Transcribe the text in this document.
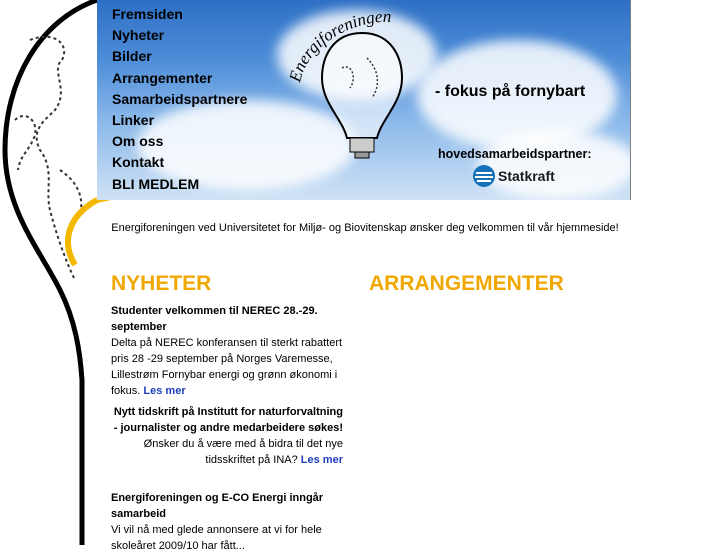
nergiforeningen
Fremsiden
Nyheter
Bilder
Arrangementer
Samarbeidspartnere
Linker
Om oss
Kontakt
BLI MEDLEM
- fokus på fornybart
hovedsamarbeidspartner:
Statkraft
Energiforeningen ved Universitetet for Miljø- og Biovitenskap ønsker deg velkommen til vår hjemmeside!
NYHETER	ARRANGEMENTER
Studenter velkommen til NEREC 28.-29. september
Delta på NEREC konferansen til sterkt rabattert pris 28 -29 september på Norges Varemesse, Lillestrøm Fornybar energi og grønn økonomi i fokus. Les mer
Nytt tidskrift på Institutt for naturforvaltning - journalister og andre medarbeidere søkes!
Ønsker du å være med å bidra til det nye tidsskriftet på INA? Les mer
Energiforeningen og E-CO Energi inngår samarbeid
Vi vil nå med glede annonsere at vi for hele skoleåret 2009/10 har fått...
